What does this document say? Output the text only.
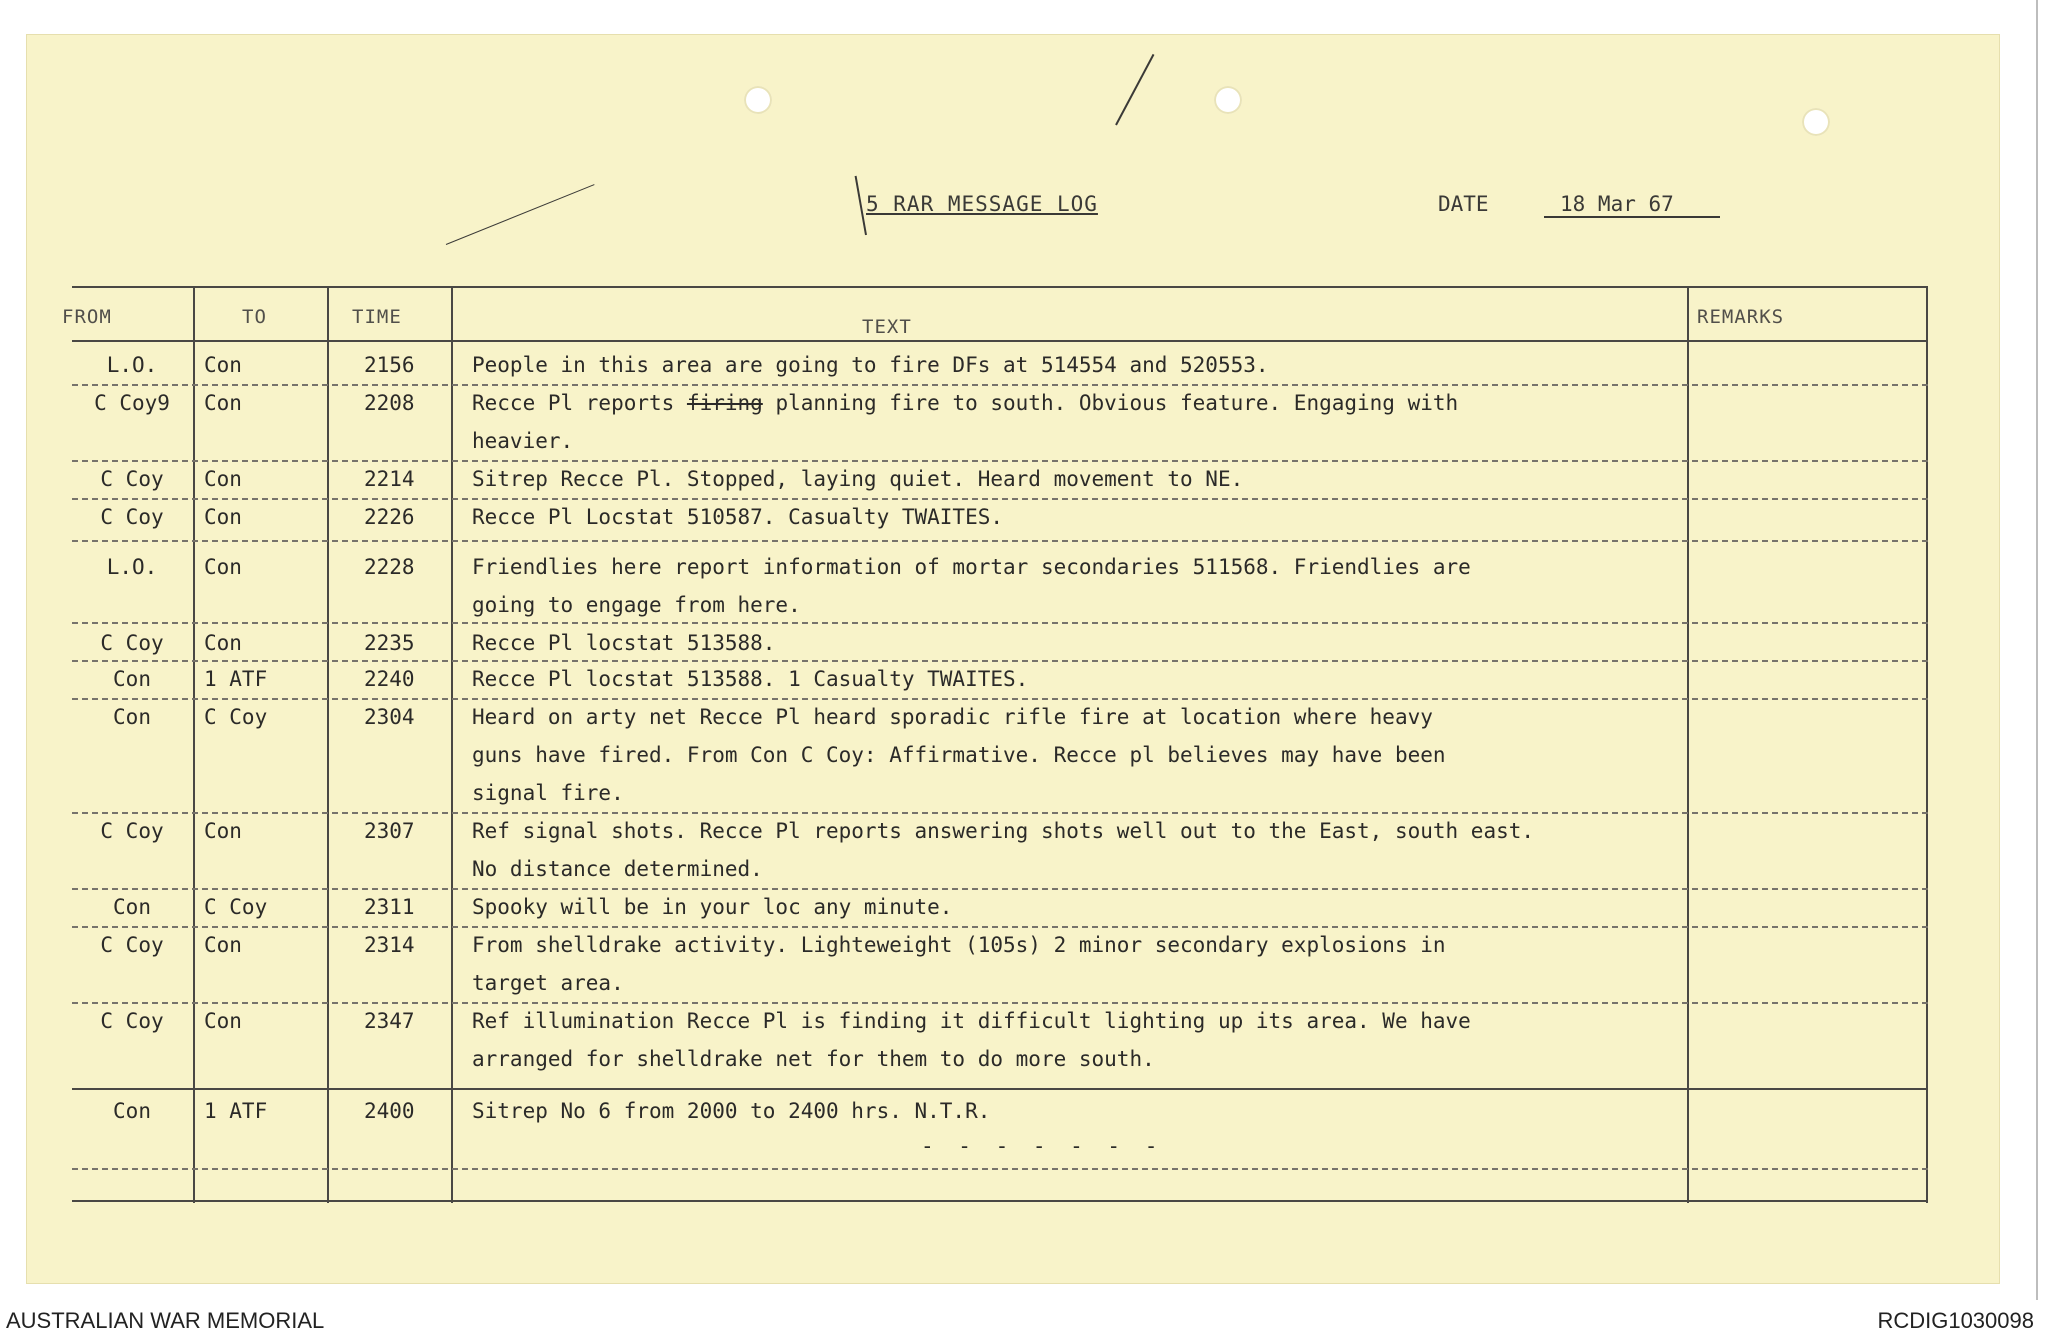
5 RAR MESSAGE LOG	DATE	18 Mar 67
FROM	TO	TIME	TEXT	REMARKS
L.O.	Con	2156	People in this area are going to fire DFs at 514554 and 520553.
C Coy9	Con	2208	Recce Pl reports firing planning fire to south. Obvious feature. Engaging with
heavier.
C Coy	Con	2214	Sitrep Recce Pl. Stopped, laying quiet. Heard movement to NE.
C Coy	Con	2226	Recce Pl Locstat 510587. Casualty TWAITES.
L.O.	Con	2228	Friendlies here report information of mortar secondaries 511568. Friendlies are
going to engage from here.
C Coy	Con	2235	Recce Pl locstat 513588.
Con	1 ATF	2240	Recce Pl locstat 513588. 1 Casualty TWAITES.
Con	C Coy	2304	Heard on arty net Recce Pl heard sporadic rifle fire at location where heavy
guns have fired. From Con C Coy: Affirmative. Recce pl believes may have been
signal fire.
C Coy	Con	2307	Ref signal shots. Recce Pl reports answering shots well out to the East, south east.
No distance determined.
Con	C Coy	2311	Spooky will be in your loc any minute.
C Coy	Con	2314	From shelldrake activity. Lighteweight (105s) 2 minor secondary explosions in
target area.
C Coy	Con	2347	Ref illumination Recce Pl is finding it difficult lighting up its area. We have
arranged for shelldrake net for them to do more south.
Con	1 ATF	2400	Sitrep No 6 from 2000 to 2400 hrs. N.T.R.
- - - - - - -
AUSTRALIAN WAR MEMORIAL	RCDIG1030098
